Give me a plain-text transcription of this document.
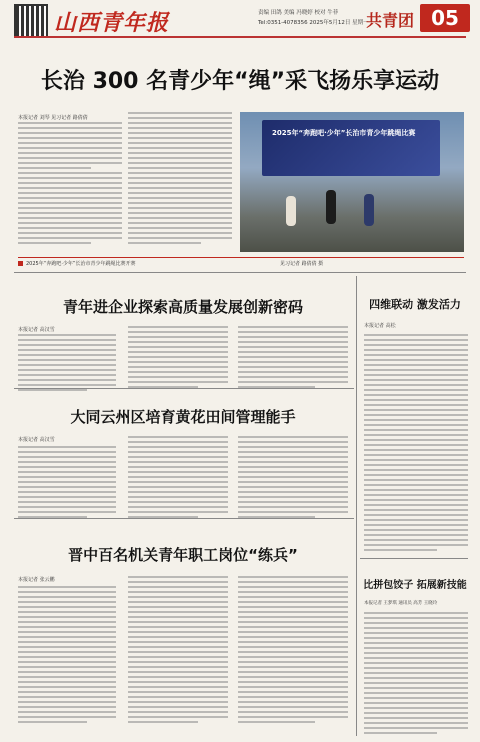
山西青年报	责编 田鸽 美编 冯晓婷 校对 牛菲
Tel:0351-4078356 2025年5月12日 星期一
共青团 05
长治 300 名青少年“绳”采飞扬乐享运动
本报记者 刘琴 见习记者 路倩倩
2025年“奔跑吧·少年”长治市青少年跳绳比赛
2025年“奔跑吧·少年”长治市青少年跳绳比赛开赛	见习记者 路倩倩 摄
青年进企业探索高质量发展创新密码
本报记者 高汉雪
大同云州区培育黄花田间管理能手
本报记者 高汉雪
晋中百名机关青年职工岗位“练兵”
本报记者 张云鹏
四维联动 激发活力
本报记者 高松
比拼包饺子 拓展新技能
本报记者 王梦琪 通讯员 高芳 王晓玲
